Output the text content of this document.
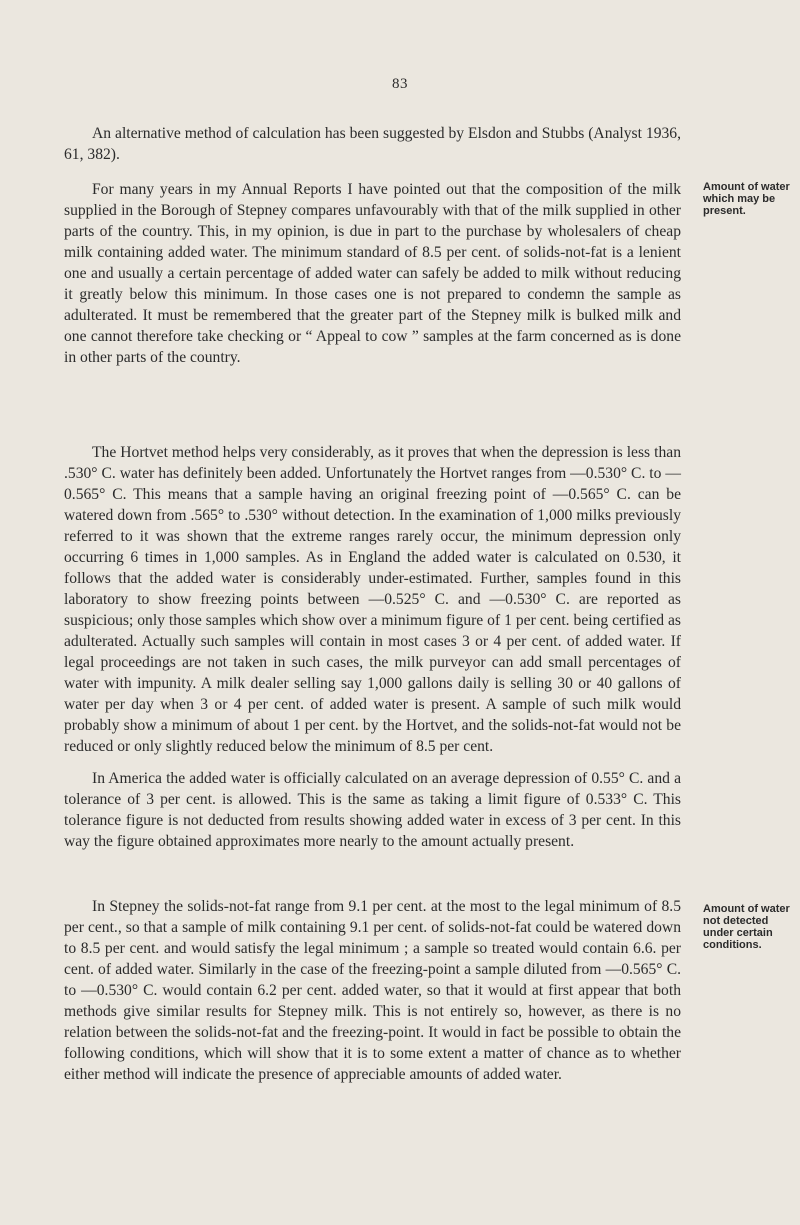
83

An alternative method of calculation has been suggested by Elsdon and Stubbs (Analyst 1936, 61, 382).

For many years in my Annual Reports I have pointed out that the composition of the milk supplied in the Borough of Stepney compares unfavourably with that of the milk supplied in other parts of the country. This, in my opinion, is due in part to the purchase by wholesalers of cheap milk containing added water. The minimum standard of 8.5 per cent. of solids-not-fat is a lenient one and usually a certain percentage of added water can safely be added to milk without reducing it greatly below this minimum. In those cases one is not prepared to condemn the sample as adulterated. It must be remembered that the greater part of the Stepney milk is bulked milk and one cannot therefore take checking or “ Appeal to cow ” samples at the farm concerned as is done in other parts of the country.

Amount of water which may be present.

The Hortvet method helps very considerably, as it proves that when the depression is less than .530° C. water has definitely been added. Unfortunately the Hortvet ranges from —0.530° C. to —0.565° C. This means that a sample having an original freezing point of —0.565° C. can be watered down from .565° to .530° without detection. In the examination of 1,000 milks previously referred to it was shown that the extreme ranges rarely occur, the minimum depression only occurring 6 times in 1,000 samples. As in England the added water is calculated on 0.530, it follows that the added water is considerably under-estimated. Further, samples found in this laboratory to show freezing points between —0.525° C. and —0.530° C. are reported as suspicious; only those samples which show over a minimum figure of 1 per cent. being certified as adulterated. Actually such samples will contain in most cases 3 or 4 per cent. of added water. If legal proceedings are not taken in such cases, the milk purveyor can add small percentages of water with impunity. A milk dealer selling say 1,000 gallons daily is selling 30 or 40 gallons of water per day when 3 or 4 per cent. of added water is present. A sample of such milk would probably show a minimum of about 1 per cent. by the Hortvet, and the solids-not-fat would not be reduced or only slightly reduced below the minimum of 8.5 per cent.

In America the added water is officially calculated on an average depression of 0.55° C. and a tolerance of 3 per cent. is allowed. This is the same as taking a limit figure of 0.533° C. This tolerance figure is not deducted from results showing added water in excess of 3 per cent. In this way the figure obtained approximates more nearly to the amount actually present.

In Stepney the solids-not-fat range from 9.1 per cent. at the most to the legal minimum of 8.5 per cent., so that a sample of milk containing 9.1 per cent. of solids-not-fat could be watered down to 8.5 per cent. and would satisfy the legal minimum ; a sample so treated would contain 6.6. per cent. of added water. Similarly in the case of the freezing-point a sample diluted from —0.565° C. to —0.530° C. would contain 6.2 per cent. added water, so that it would at first appear that both methods give similar results for Stepney milk. This is not entirely so, however, as there is no relation between the solids-not-fat and the freezing-point. It would in fact be possible to obtain the following conditions, which will show that it is to some extent a matter of chance as to whether either method will indicate the presence of appreciable amounts of added water.

Amount of water not detected under certain conditions.
